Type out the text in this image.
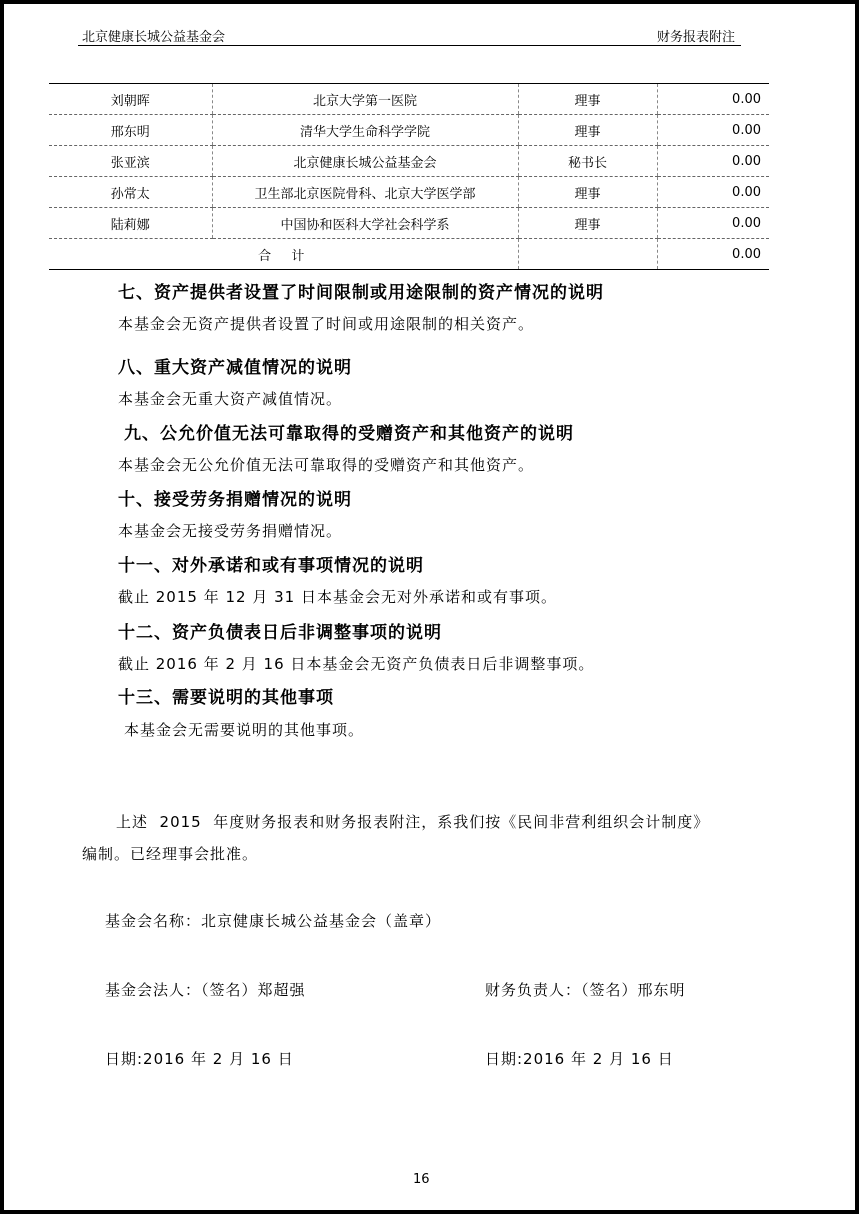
北京健康长城公益基金会	财务报表附注
刘朝晖	北京大学第一医院	理事	0.00
邢东明	清华大学生命科学学院	理事	0.00
张亚滨	北京健康长城公益基金会	秘书长	0.00
孙常太	卫生部北京医院骨科、北京大学医学部	理事	0.00
陆莉娜	中国协和医科大学社会科学系	理事	0.00
合  计			0.00
七、资产提供者设置了时间限制或用途限制的资产情况的说明
本基金会无资产提供者设置了时间或用途限制的相关资产。
八、重大资产减值情况的说明
本基金会无重大资产减值情况。
九、公允价值无法可靠取得的受赠资产和其他资产的说明
本基金会无公允价值无法可靠取得的受赠资产和其他资产。
十、接受劳务捐赠情况的说明
本基金会无接受劳务捐赠情况。
十一、对外承诺和或有事项情况的说明
截止 2015 年 12 月 31 日本基金会无对外承诺和或有事项。
十二、资产负债表日后非调整事项的说明
截止 2016 年 2 月 16 日本基金会无资产负债表日后非调整事项。
十三、需要说明的其他事项
本基金会无需要说明的其他事项。
上述  2015  年度财务报表和财务报表附注，系我们按《民间非营利组织会计制度》
编制。已经理事会批准。
基金会名称：北京健康长城公益基金会（盖章）
基金会法人：（签名）郑超强	财务负责人：（签名）邢东明
日期:2016 年 2 月 16 日	日期:2016 年 2 月 16 日
16
